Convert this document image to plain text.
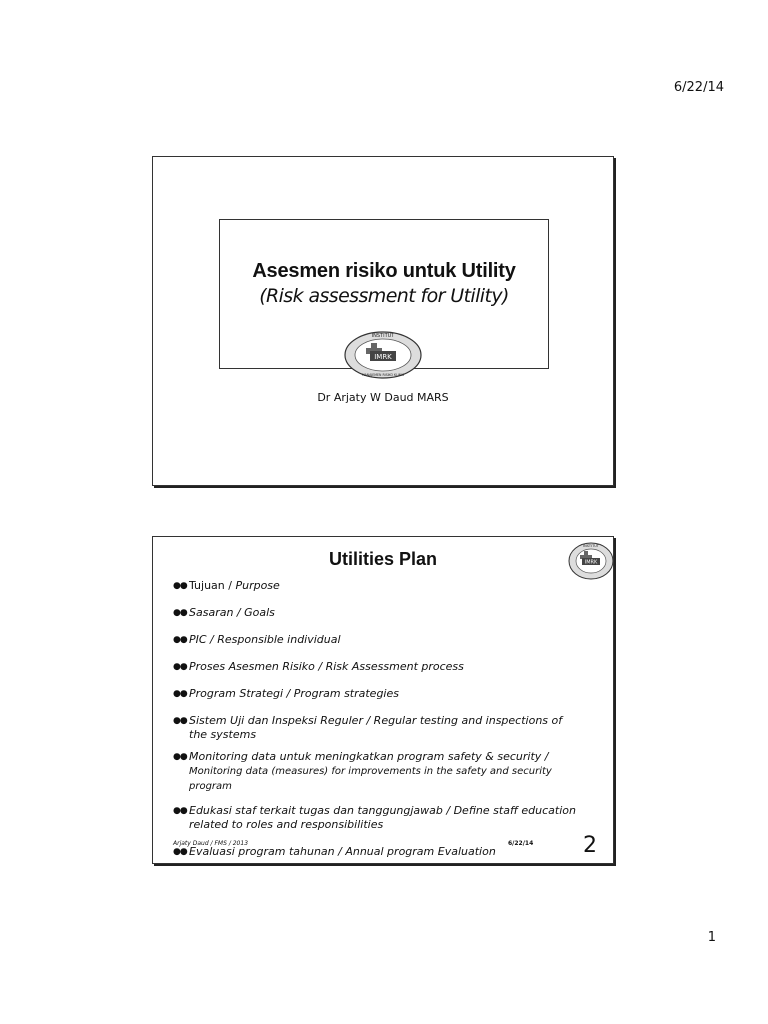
6/22/14
Asesmen risiko untuk Utility
(Risk assessment for Utility)
IMRK
INSTITUT
MANAJEMEN RISIKO KLINIS
Dr Arjaty W Daud MARS
Utilities Plan	IMRK
INSTITUT
●● Tujuan / Purpose
●● Sasaran / Goals
●● PIC / Responsible individual
●● Proses Asesmen Risiko / Risk Assessment process
●● Program Strategi / Program strategies
●● Sistem Uji dan Inspeksi Reguler / Regular testing and inspections of
the systems
●● Monitoring data untuk meningkatkan program safety & security /
Monitoring data (measures) for improvements in the safety and security program
●● Edukasi staf terkait tugas dan tanggungjawab / Define staff education
related to roles and responsibilities
●● Evaluasi program tahunan / Annual program Evaluation
Arjaty Daud / FMS / 2013	6/22/14 2
1
